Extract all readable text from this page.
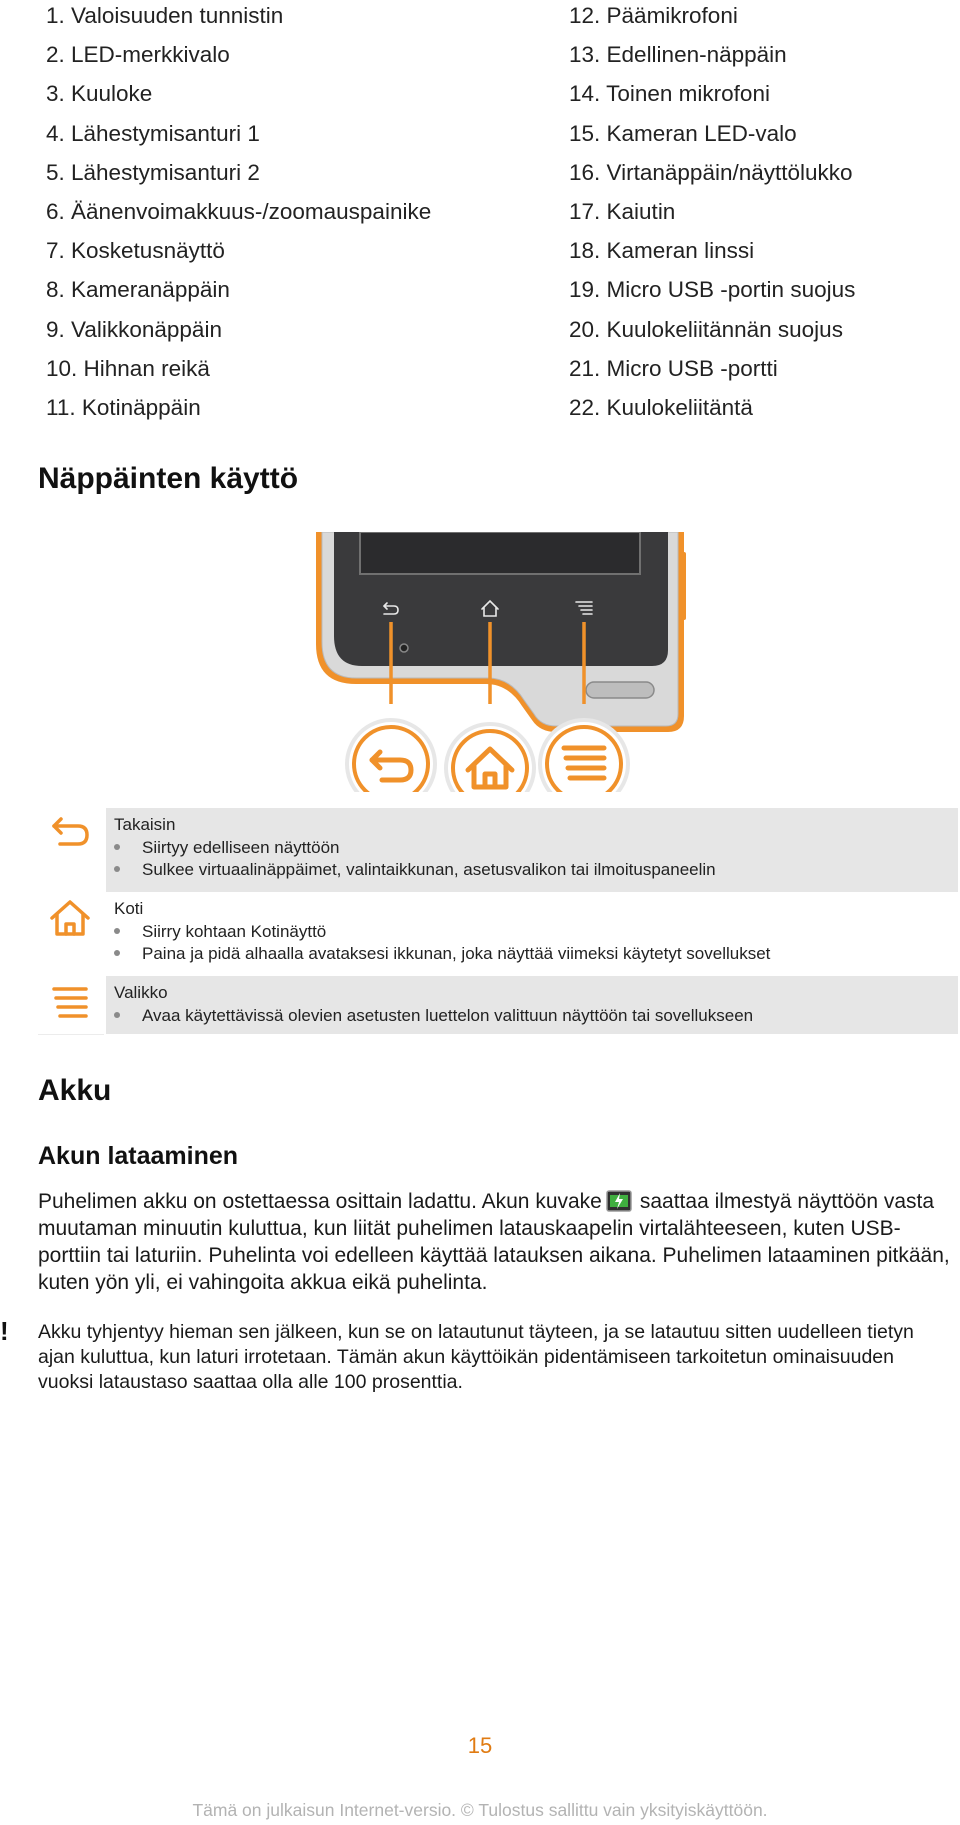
1. Valoisuuden tunnistin
2. LED-merkkivalo
3. Kuuloke
4. Lähestymisanturi 1
5. Lähestymisanturi 2
6. Äänenvoimakkuus-/zoomauspainike
7. Kosketusnäyttö
8. Kameranäppäin
9. Valikkonäppäin
10. Hihnan reikä
11. Kotinäppäin
12. Päämikrofoni
13. Edellinen-näppäin
14. Toinen mikrofoni
15. Kameran LED-valo
16. Virtanäppäin/näyttölukko
17. Kaiutin
18. Kameran linssi
19. Micro USB -portin suojus
20. Kuulokeliitännän suojus
21. Micro USB -portti
22. Kuulokeliitäntä
Näppäinten käyttö
Takaisin
Siirtyy edelliseen näyttöön
Sulkee virtuaalinäppäimet, valintaikkunan, asetusvalikon tai ilmoituspaneelin
Koti
Siirry kohtaan Kotinäyttö
Paina ja pidä alhaalla avataksesi ikkunan, joka näyttää viimeksi käytetyt sovellukset
Valikko
Avaa käytettävissä olevien asetusten luettelon valittuun näyttöön tai sovellukseen
Akku
Akun lataaminen

Puhelimen akku on ostettaessa osittain ladattu. Akun kuvake saattaa ilmestyä näyttöön vasta muutaman minuutin kuluttua, kun liität puhelimen latauskaapelin virtalähteeseen, kuten USB-porttiin tai laturiin. Puhelinta voi edelleen käyttää latauksen aikana. Puhelimen lataaminen pitkään, kuten yön yli, ei vahingoita akkua eikä puhelinta.

! Akku tyhjentyy hieman sen jälkeen, kun se on latautunut täyteen, ja se latautuu sitten uudelleen tietyn ajan kuluttua, kun laturi irrotetaan. Tämän akun käyttöikän pidentämiseen tarkoitetun ominaisuuden vuoksi lataustaso saattaa olla alle 100 prosenttia.

15
Tämä on julkaisun Internet-versio. © Tulostus sallittu vain yksityiskäyttöön.
